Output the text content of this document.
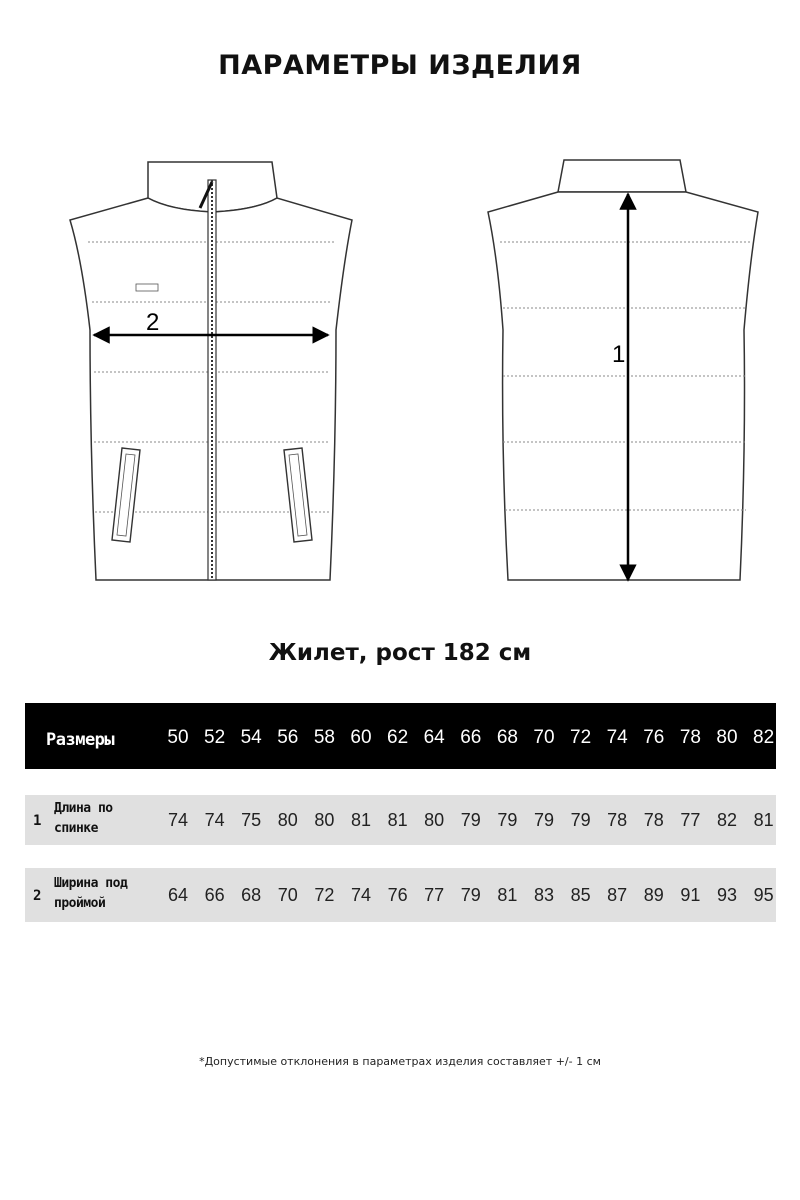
ПАРАМЕТРЫ ИЗДЕЛИЯ
2
1
Жилет, рост 182 см
Размеры	50 52 54 56 58 60 62 64 66 68 70 72 74 76 78 80 82
1
Длина по
спинке	74 74 75 80 80 81 81 80 79 79 79 79 78 78 77 82 81
2
Ширина под
проймой	64 66 68 70 72 74 76 77 79 81 83 85 87 89 91 93 95
*Допустимые отклонения в параметрах изделия составляет +/- 1 см
